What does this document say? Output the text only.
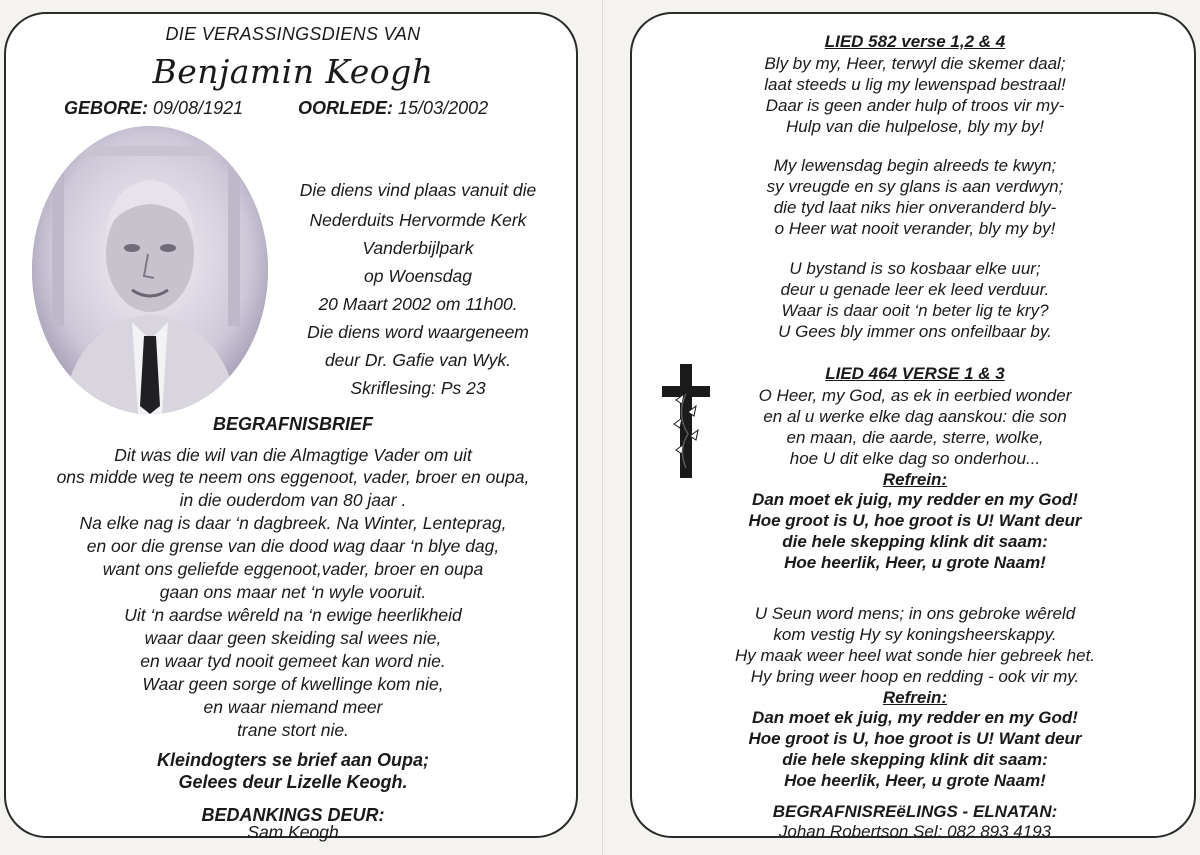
DIE VERASSINGSDIENS VAN
Benjamin Keogh
GEBORE: 09/08/1921	OORLEDE: 15/03/2002
Die diens vind plaas vanuit die
Nederduits Hervormde Kerk
Vanderbijlpark
op Woensdag
20 Maart 2002 om 11h00.
Die diens word waargeneem
deur Dr. Gafie van Wyk.
Skriflesing: Ps 23
BEGRAFNISBRIEF
Dit was die wil van die Almagtige Vader om uit
ons midde weg te neem ons eggenoot, vader, broer en oupa,
in die ouderdom van 80 jaar .
Na elke nag is daar ‘n dagbreek. Na Winter, Lenteprag,
en oor die grense van die dood wag daar ‘n blye dag,
want ons geliefde eggenoot,vader, broer en oupa
gaan ons maar net ‘n wyle vooruit.
Uit ‘n aardse wêreld na ‘n ewige heerlikheid
waar daar geen skeiding sal wees nie,
en waar tyd nooit gemeet kan word nie.
Waar geen sorge of kwellinge kom nie,
en waar niemand meer
trane stort nie.
Kleindogters se brief aan Oupa;
Gelees deur Lizelle Keogh.
BEDANKINGS DEUR:
Sam Keogh
LIED 582 verse 1,2 & 4
Bly by my, Heer, terwyl die skemer daal;
laat steeds u lig my lewenspad bestraal!
Daar is geen ander hulp of troos vir my-
Hulp van die hulpelose, bly my by!
My lewensdag begin alreeds te kwyn;
sy vreugde en sy glans is aan verdwyn;
die tyd laat niks hier onveranderd bly-
o Heer wat nooit verander, bly my by!
U bystand is so kosbaar elke uur;
deur u genade leer ek leed verduur.
Waar is daar ooit ‘n beter lig te kry?
U Gees bly immer ons onfeilbaar by.
LIED 464 VERSE 1 & 3
O Heer, my God, as ek in eerbied wonder
en al u werke elke dag aanskou: die son
en maan, die aarde, sterre, wolke,
hoe U dit elke dag so onderhou...
Refrein:
Dan moet ek juig, my redder en my God!
Hoe groot is U, hoe groot is U! Want deur
die hele skepping klink dit saam:
Hoe heerlik, Heer, u grote Naam!
U Seun word mens; in ons gebroke wêreld
kom vestig Hy sy koningsheerskappy.
Hy maak weer heel wat sonde hier gebreek het.
Hy bring weer hoop en redding - ook vir my.
Refrein:
Dan moet ek juig, my redder en my God!
Hoe groot is U, hoe groot is U! Want deur
die hele skepping klink dit saam:
Hoe heerlik, Heer, u grote Naam!
BEGRAFNISREëLINGS - ELNATAN:
Johan Robertson Sel: 082 893 4193
